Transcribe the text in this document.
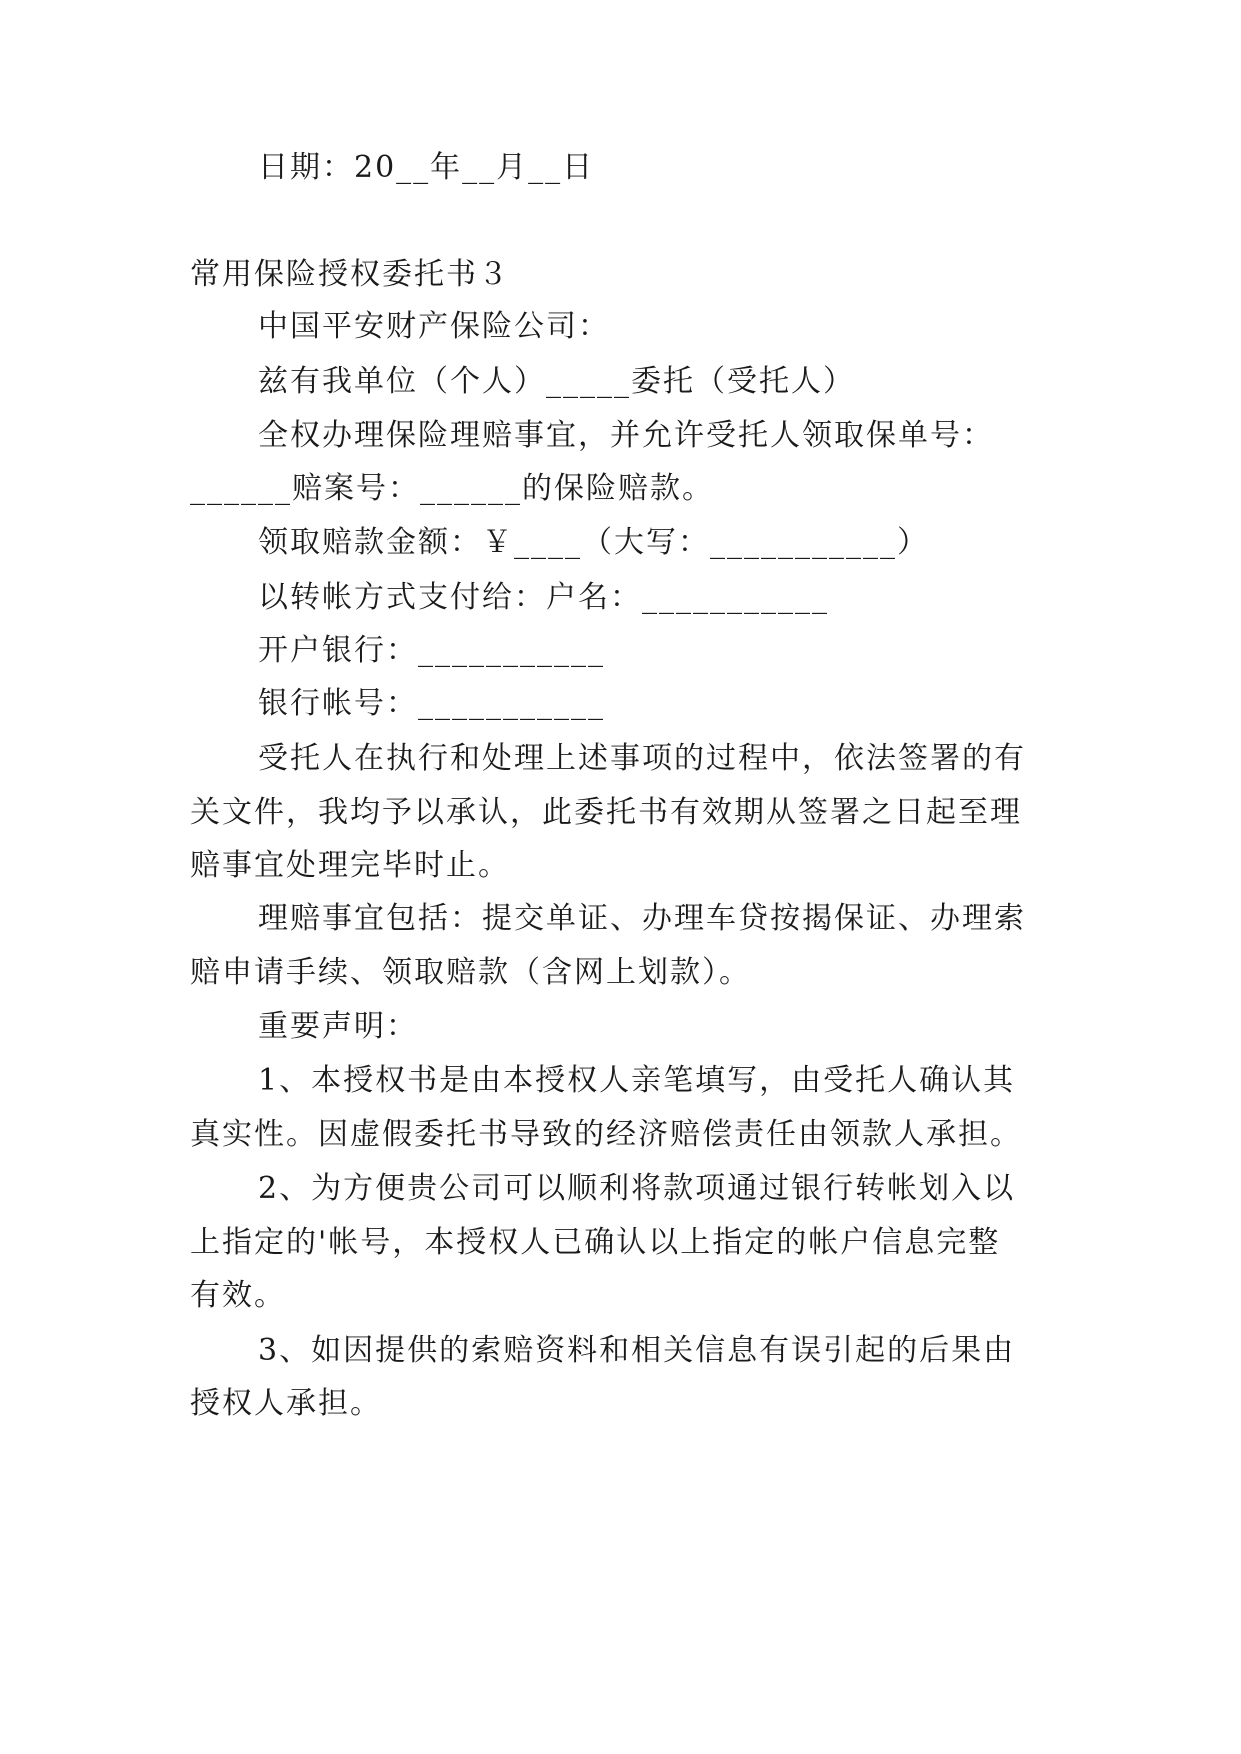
日期：20__年__月__日
常用保险授权委托书３
中国平安财产保险公司：
兹有我单位（个人）_____委托（受托人）
全权办理保险理赔事宜，并允许受托人领取保单号：
______赔案号：______的保险赔款。
领取赔款金额：￥____（大写：___________）
以转帐方式支付给：户名：___________
开户银行：___________
银行帐号：___________
受托人在执行和处理上述事项的过程中，依法签署的有
关文件，我均予以承认，此委托书有效期从签署之日起至理
赔事宜处理完毕时止。
理赔事宜包括：提交单证、办理车贷按揭保证、办理索
赔申请手续、领取赔款（含网上划款）。
重要声明：
1、本授权书是由本授权人亲笔填写，由受托人确认其
真实性。因虚假委托书导致的经济赔偿责任由领款人承担。
2、为方便贵公司可以顺利将款项通过银行转帐划入以
上指定的'帐号，本授权人已确认以上指定的帐户信息完整
有效。
3、如因提供的索赔资料和相关信息有误引起的后果由
授权人承担。
